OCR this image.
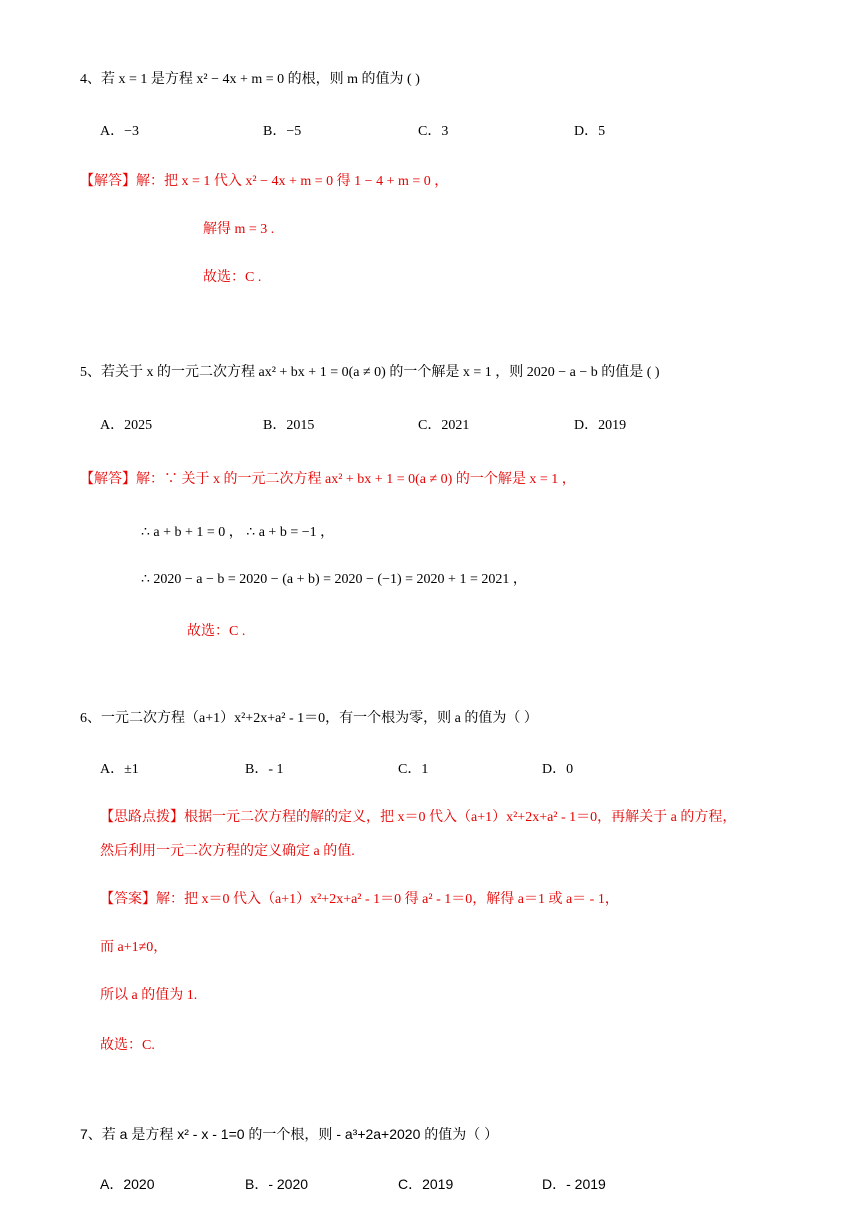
4、若 x = 1 是方程 x² − 4x + m = 0 的根，则 m 的值为 ( )
A．−3	B．−5	C．3	D．5
【解答】解：把 x = 1 代入 x² − 4x + m = 0 得 1 − 4 + m = 0 ，
解得 m = 3 .
故选：C .
5、若关于 x 的一元二次方程 ax² + bx + 1 = 0(a ≠ 0) 的一个解是 x = 1 ，则 2020 − a − b 的值是 ( )
A．2025	B．2015	C．2021	D．2019
【解答】解：∵ 关于 x 的一元二次方程 ax² + bx + 1 = 0(a ≠ 0) 的一个解是 x = 1 ，
∴ a + b + 1 = 0 ， ∴ a + b = −1 ，
∴ 2020 − a − b = 2020 − (a + b) = 2020 − (−1) = 2020 + 1 = 2021 ，
故选：C .
6、一元二次方程（a+1）x²+2x+a² - 1＝0，有一个根为零，则 a 的值为（ ）
A．±1	B．- 1	C．1	D．0
【思路点拨】根据一元二次方程的解的定义，把 x＝0 代入（a+1）x²+2x+a² - 1＝0，再解关于 a 的方程，
然后利用一元二次方程的定义确定 a 的值.
【答案】解：把 x＝0 代入（a+1）x²+2x+a² - 1＝0 得 a² - 1＝0，解得 a＝1 或 a＝ - 1，
而 a+1≠0，
所以 a 的值为 1.
故选：C.
7、若 a 是方程 x² - x - 1=0 的一个根，则 - a³+2a+2020 的值为（ ）
A．2020	B．- 2020	C．2019	D．- 2019
